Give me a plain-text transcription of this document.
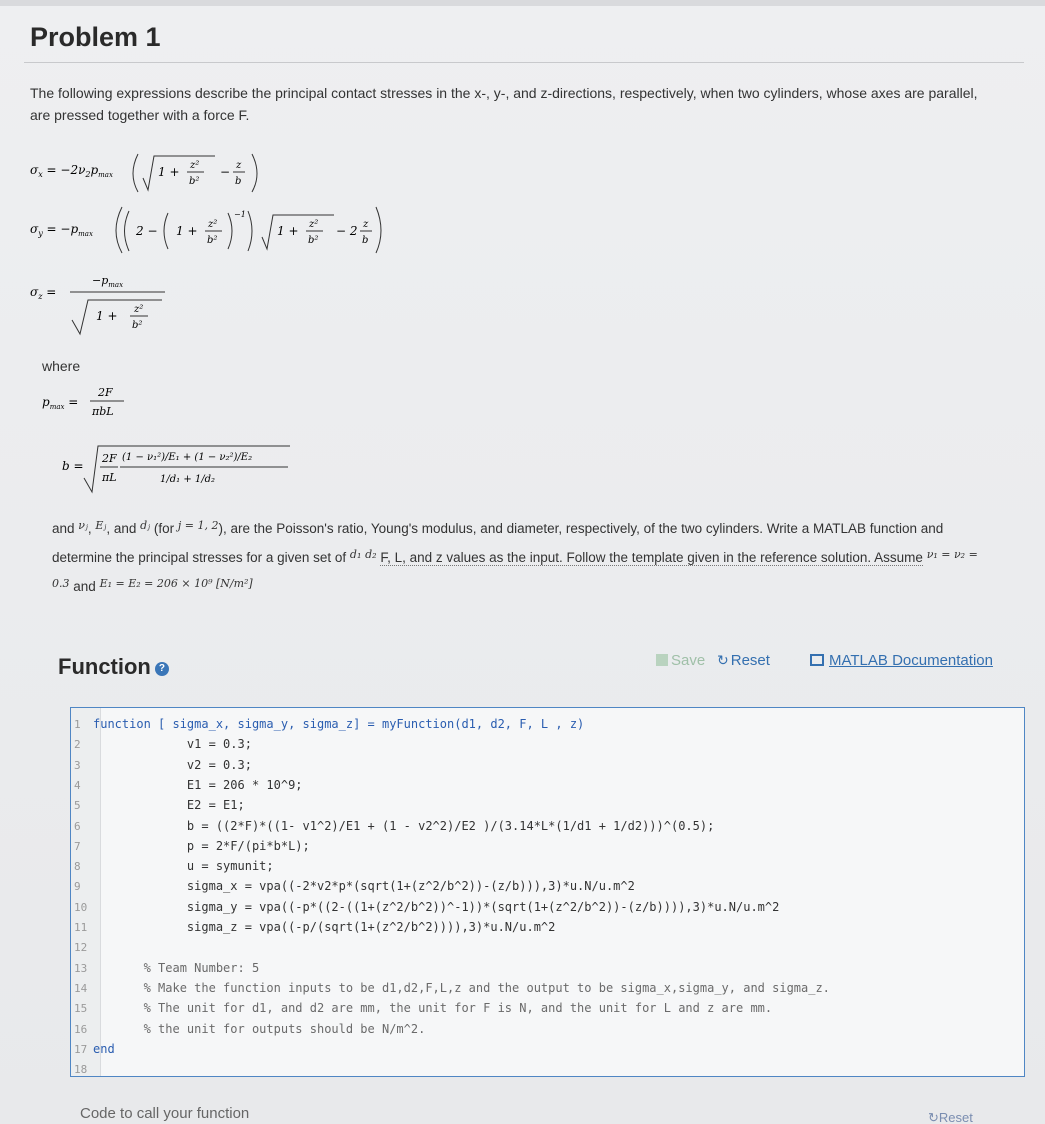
Problem 1
The following expressions describe the principal contact stresses in the x-, y-, and z-directions, respectively, when two cylinders, whose axes are parallel, are pressed together with a force F.
$\sigma_x = -2\nu_2p_{max}$	1 + z²
b²
− z
b
$\sigma_y = -p_{max}$	2 − 1 + z²
b²
−1
1 + z²
b²
− 2 z
b
$\sigma_z$ =
$-p_{max}$
1 + z²
b²
where
$p_{max}$ =
2F
πbL
b =
2F
πL
(1 − ν₁²)/E₁ + (1 − ν₂²)/E₂
1/d₁ + 1/d₂
and $^{\nu ⱼ}$, $^{Eⱼ}$, and $^{dⱼ}$ (for $^{j = 1, 2}$), are the Poisson's ratio, Young's modulus, and diameter, respectively, of the two cylinders. Write a MATLAB function and determine the principal stresses for a given set of $^{d_1}$ $^{d_2}$ F, L, and z values as the input. Follow the template given in the reference solution. Assume $^{\nu_1 = \nu_2 = 0.3}$ and $^{E_1 = E_2 = 206 \times 10^9 [N/m^2]}$
Function ?	Save ↻ Reset	MATLAB Documentation
1	function [ sigma_x, sigma_y, sigma_z] = myFunction(d1, d2, F, L , z)
2	v1 = 0.3;
3	v2 = 0.3;
4	E1 = 206 * 10^9;
5	E2 = E1;
6	b = ((2*F)*((1- v1^2)/E1 + (1 - v2^2)/E2 )/(3.14*L*(1/d1 + 1/d2)))^(0.5);
7	p = 2*F/(pi*b*L);
8	u = symunit;
9	sigma_x = vpa((-2*v2*p*(sqrt(1+(z^2/b^2))-(z/b))),3)*u.N/u.m^2
10 sigma_y = vpa((-p*((2-((1+(z^2/b^2))^-1))*(sqrt(1+(z^2/b^2))-(z/b)))),3)*u.N/u.m^2
11 sigma_z = vpa((-p/(sqrt(1+(z^2/b^2)))),3)*u.N/u.m^2
12
13 % Team Number: 5
14 % Make the function inputs to be d1,d2,F,L,z and the output to be sigma_x,sigma_y, and sigma_z.
15 % The unit for d1, and d2 are mm, the unit for F is N, and the unit for L and z are mm.
16 % the unit for outputs should be N/m^2.
17 end
18
Code to call your function	↻Reset
